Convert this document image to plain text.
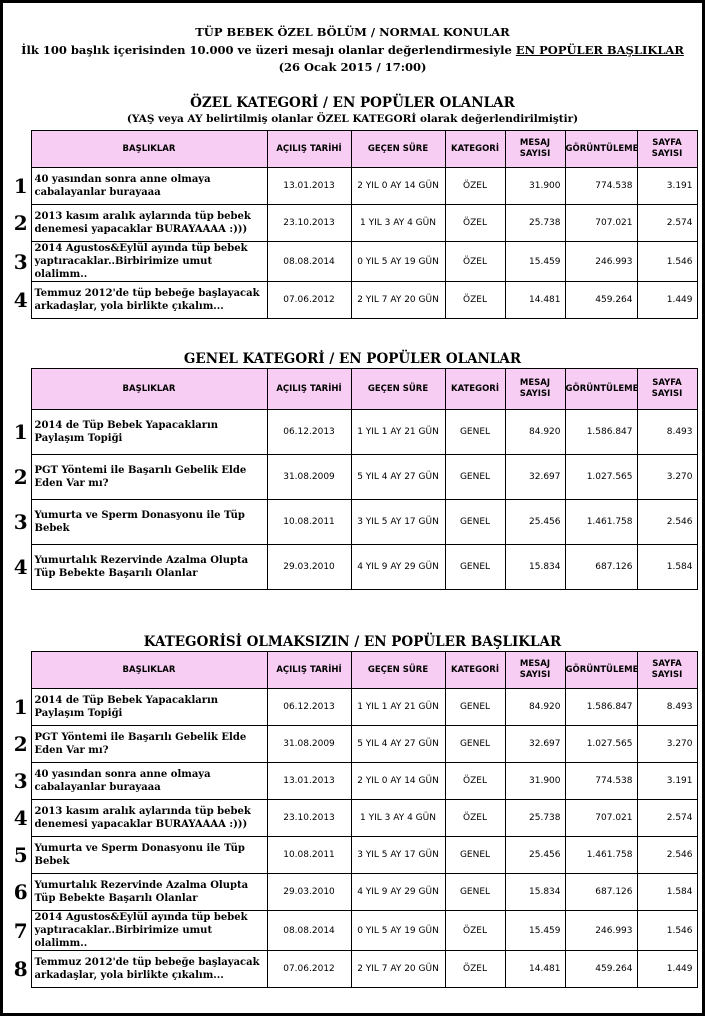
TÜP BEBEK ÖZEL BÖLÜM / NORMAL KONULAR
İlk 100 başlık içerisinden 10.000 ve üzeri mesajı olanlar değerlendirmesiyle EN POPÜLER BAŞLIKLAR
(26 Ocak 2015 / 17:00)
ÖZEL KATEGORİ / EN POPÜLER OLANLAR
(YAŞ veya AY belirtilmiş olanlar ÖZEL KATEGORİ olarak değerlendirilmiştir)
	BAŞLIKLAR	AÇILIŞ TARİHİ	GEÇEN SÜRE	KATEGORİ	MESAJ SAYISI	GÖRÜNTÜLEME	SAYFA SAYISI
1	40 yasından sonra anne olmaya cabalayanlar burayaaa	13.01.2013	2 YIL 0 AY 14 GÜN	ÖZEL	31.900	774.538	3.191
2	2013 kasım aralık aylarında tüp bebek denemesi yapacaklar BURAYAAAA :)))	23.10.2013	1 YIL 3 AY 4 GÜN	ÖZEL	25.738	707.021	2.574
3	2014 Agustos&Eylül ayında tüp bebek yaptıracaklar..Birbirimize umut olalimm..	08.08.2014	0 YIL 5 AY 19 GÜN	ÖZEL	15.459	246.993	1.546
4	Temmuz 2012'de tüp bebeğe başlayacak arkadaşlar, yola birlikte çıkalım...	07.06.2012	2 YIL 7 AY 20 GÜN	ÖZEL	14.481	459.264	1.449
GENEL KATEGORİ / EN POPÜLER OLANLAR
	BAŞLIKLAR	AÇILIŞ TARİHİ	GEÇEN SÜRE	KATEGORİ	MESAJ SAYISI	GÖRÜNTÜLEME	SAYFA SAYISI
1	2014 de Tüp Bebek Yapacakların Paylaşım Topiği	06.12.2013	1 YIL 1 AY 21 GÜN	GENEL	84.920	1.586.847	8.493
2	PGT Yöntemi ile Başarılı Gebelik Elde Eden Var mı?	31.08.2009	5 YIL 4 AY 27 GÜN	GENEL	32.697	1.027.565	3.270
3	Yumurta ve Sperm Donasyonu ile Tüp Bebek	10.08.2011	3 YIL 5 AY 17 GÜN	GENEL	25.456	1.461.758	2.546
4	Yumurtalık Rezervinde Azalma Olupta Tüp Bebekte Başarılı Olanlar	29.03.2010	4 YIL 9 AY 29 GÜN	GENEL	15.834	687.126	1.584
KATEGORİSİ OLMAKSIZIN / EN POPÜLER BAŞLIKLAR
	BAŞLIKLAR	AÇILIŞ TARİHİ	GEÇEN SÜRE	KATEGORİ	MESAJ SAYISI	GÖRÜNTÜLEME	SAYFA SAYISI
1	2014 de Tüp Bebek Yapacakların Paylaşım Topiği	06.12.2013	1 YIL 1 AY 21 GÜN	GENEL	84.920	1.586.847	8.493
2	PGT Yöntemi ile Başarılı Gebelik Elde Eden Var mı?	31.08.2009	5 YIL 4 AY 27 GÜN	GENEL	32.697	1.027.565	3.270
3	40 yasından sonra anne olmaya cabalayanlar burayaaa	13.01.2013	2 YIL 0 AY 14 GÜN	ÖZEL	31.900	774.538	3.191
4	2013 kasım aralık aylarında tüp bebek denemesi yapacaklar BURAYAAAA :)))	23.10.2013	1 YIL 3 AY 4 GÜN	ÖZEL	25.738	707.021	2.574
5	Yumurta ve Sperm Donasyonu ile Tüp Bebek	10.08.2011	3 YIL 5 AY 17 GÜN	GENEL	25.456	1.461.758	2.546
6	Yumurtalık Rezervinde Azalma Olupta Tüp Bebekte Başarılı Olanlar	29.03.2010	4 YIL 9 AY 29 GÜN	GENEL	15.834	687.126	1.584
7	2014 Agustos&Eylül ayında tüp bebek yaptıracaklar..Birbirimize umut olalimm..	08.08.2014	0 YIL 5 AY 19 GÜN	ÖZEL	15.459	246.993	1.546
8	Temmuz 2012'de tüp bebeğe başlayacak arkadaşlar, yola birlikte çıkalım...	07.06.2012	2 YIL 7 AY 20 GÜN	ÖZEL	14.481	459.264	1.449
